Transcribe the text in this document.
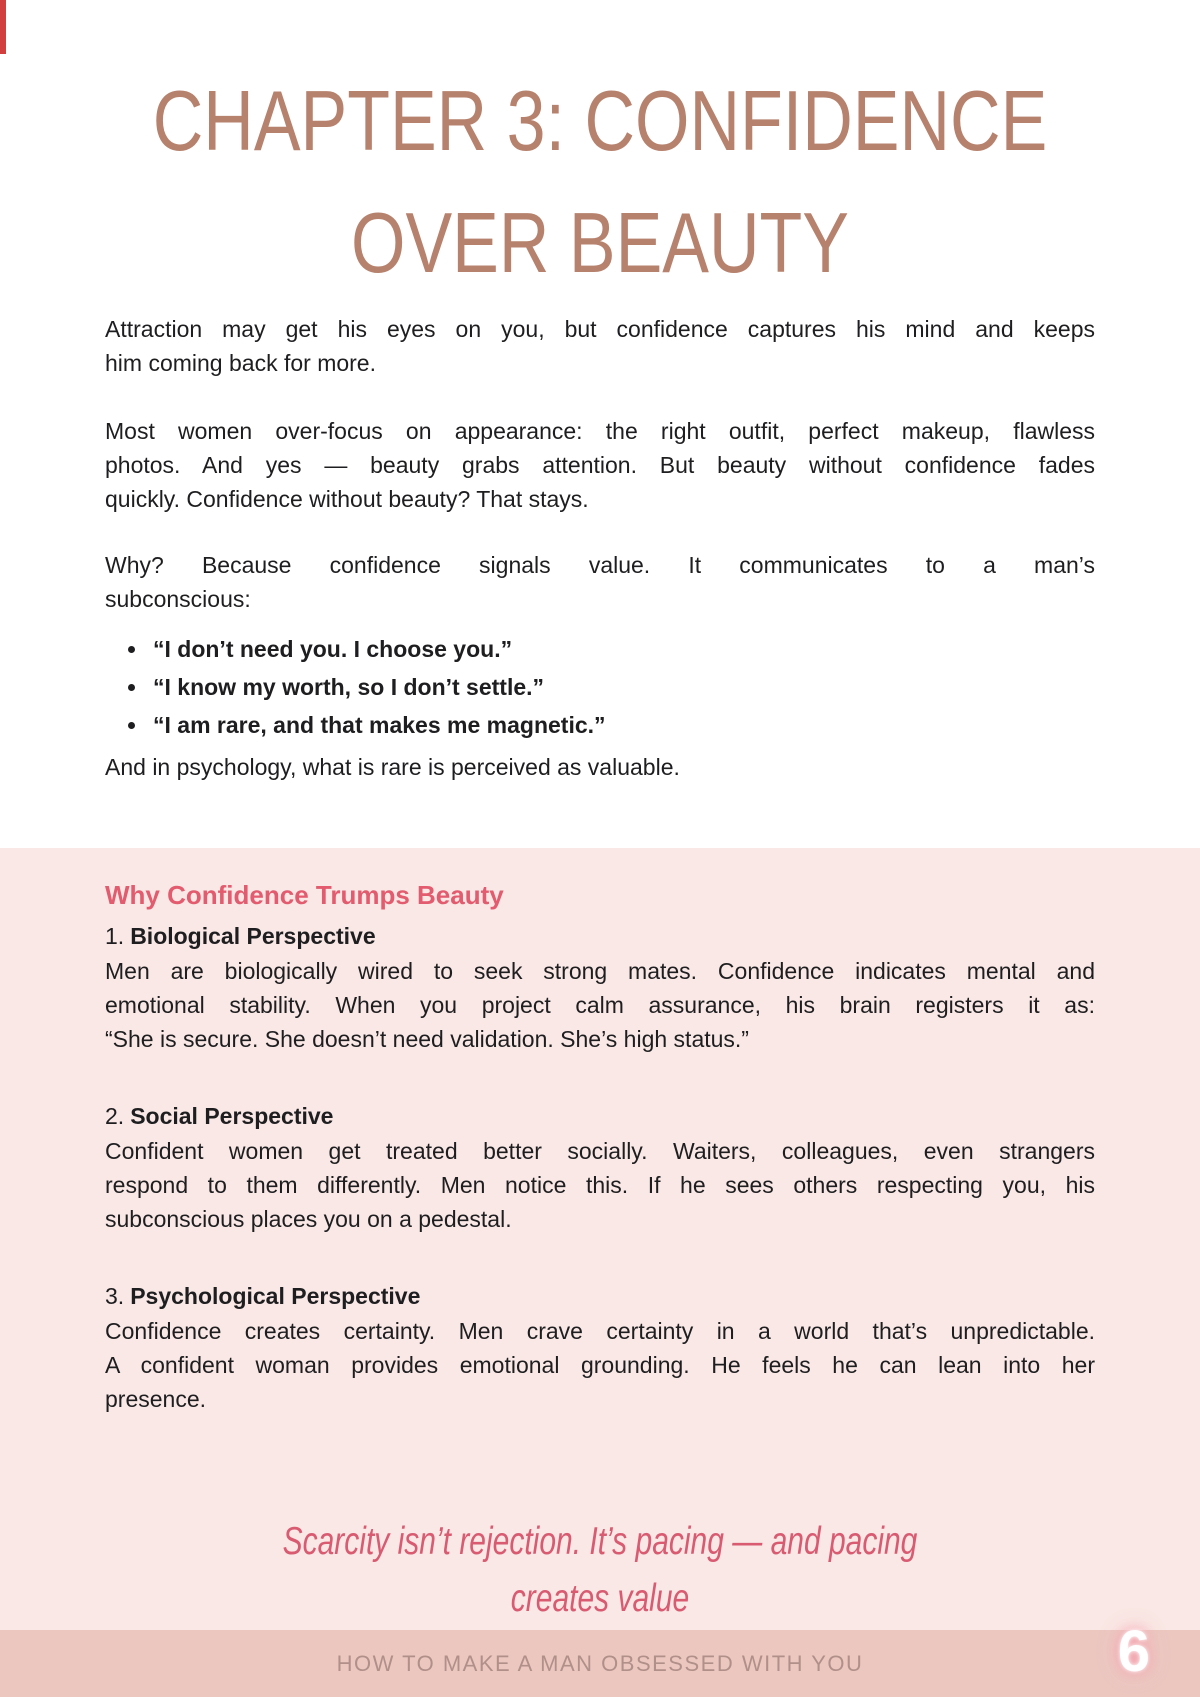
CHAPTER 3: CONFIDENCE
OVER BEAUTY
Attraction may get his eyes on you, but confidence captures his mind and keeps
him coming back for more.
Most women over-focus on appearance: the right outfit, perfect makeup, flawless
photos. And yes — beauty grabs attention. But beauty without confidence fades
quickly. Confidence without beauty? That stays.
Why? Because confidence signals value. It communicates to a man’s
subconscious:
• “I don’t need you. I choose you.”
• “I know my worth, so I don’t settle.”
• “I am rare, and that makes me magnetic.”

And in psychology, what is rare is perceived as valuable.

Why Confidence Trumps Beauty
1. Biological Perspective
Men are biologically wired to seek strong mates. Confidence indicates mental and
emotional stability. When you project calm assurance, his brain registers it as:
“She is secure. She doesn’t need validation. She’s high status.”
2. Social Perspective
Confident women get treated better socially. Waiters, colleagues, even strangers
respond to them differently. Men notice this. If he sees others respecting you, his
subconscious places you on a pedestal.
3. Psychological Perspective
Confidence creates certainty. Men crave certainty in a world that’s unpredictable.
A confident woman provides emotional grounding. He feels he can lean into her
presence.
Scarcity isn’t rejection. It’s pacing — and pacing
creates value
HOW TO MAKE A MAN OBSESSED WITH YOU	6
